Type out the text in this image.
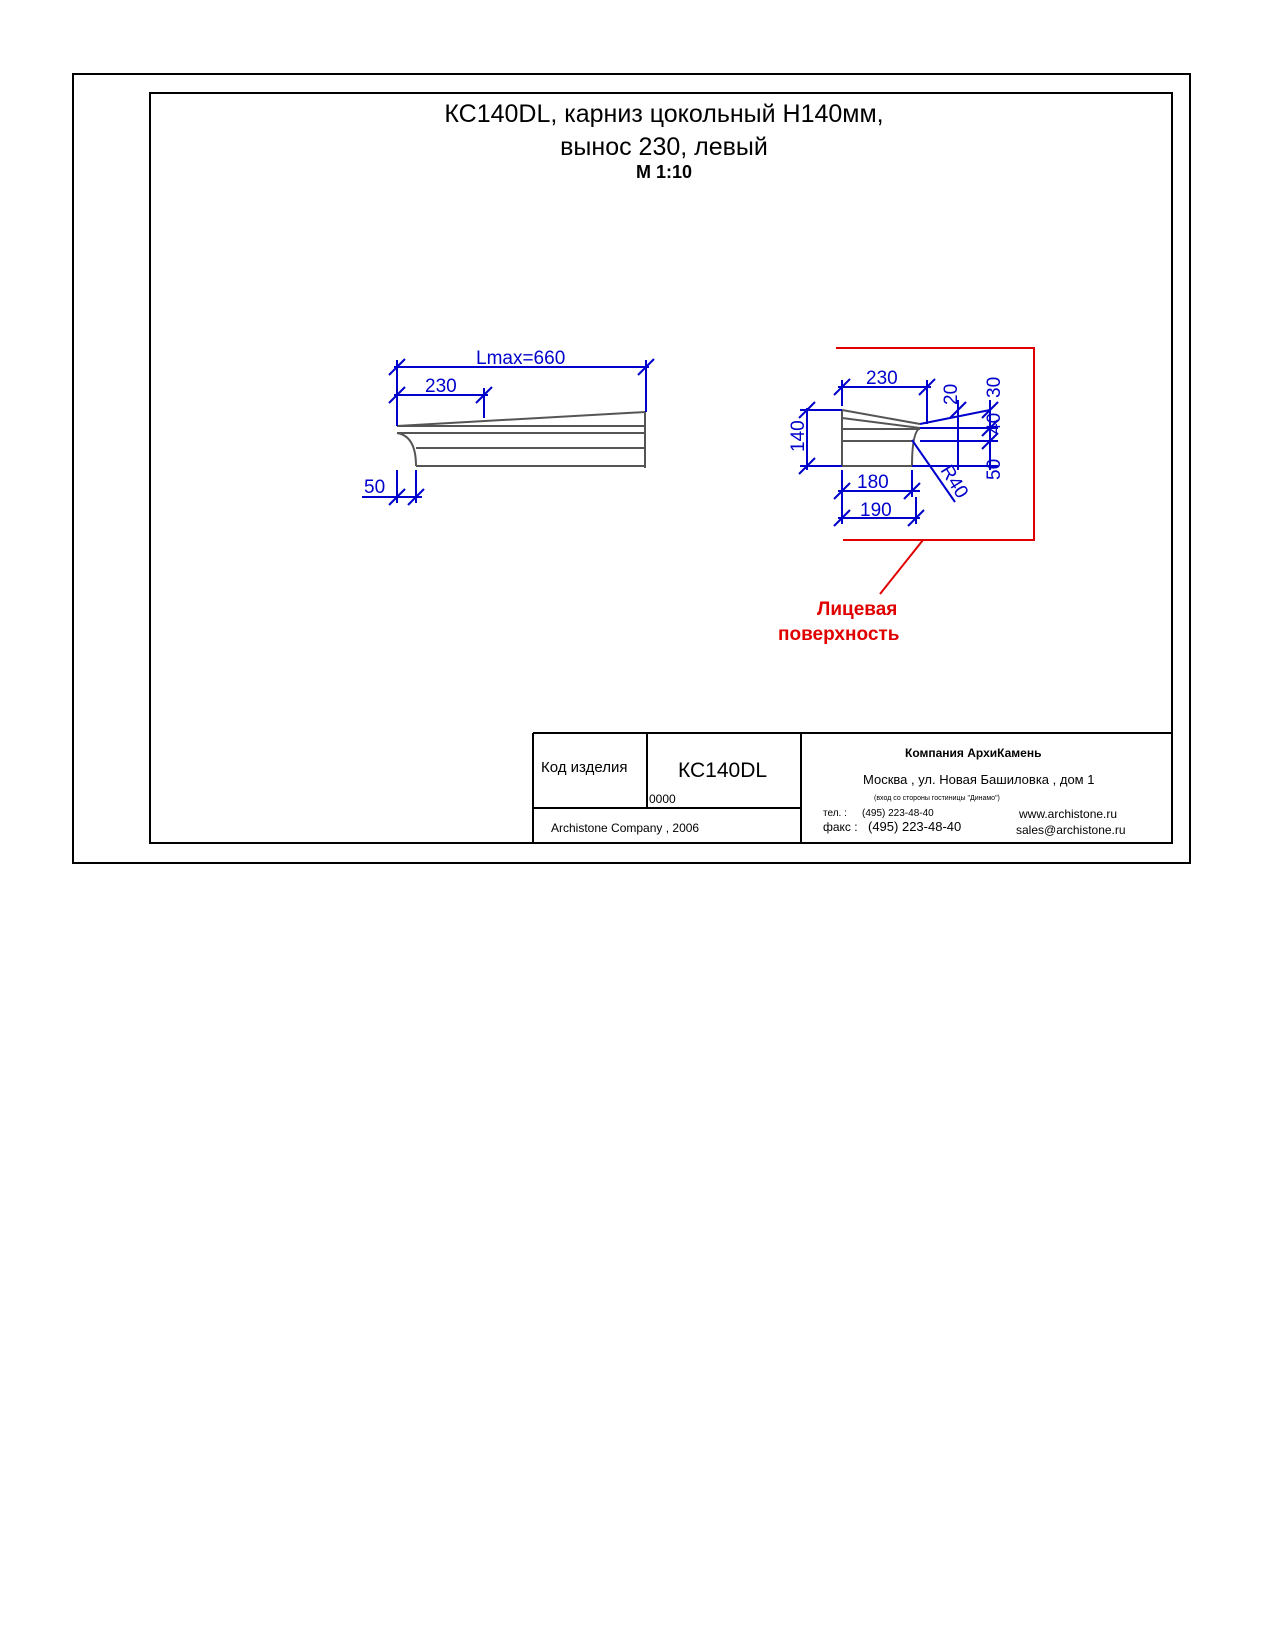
КС140DL, карниз цокольный Н140мм,

вынос 230, левый

М 1:10

Lmax=660
230
50
230
20 30
40
140
50
180
190
R40
Лицевая
поверхность
Код изделия КС140DL
0000
Archistone Company , 2006
Компания АрхиКамень
Москва , ул. Новая Башиловка , дом 1
(вход со стороны гостиницы "Динамо")
тел. : (495) 223-48-40
факс : (495) 223-48-40
www.archistone.ru
sales@archistone.ru
